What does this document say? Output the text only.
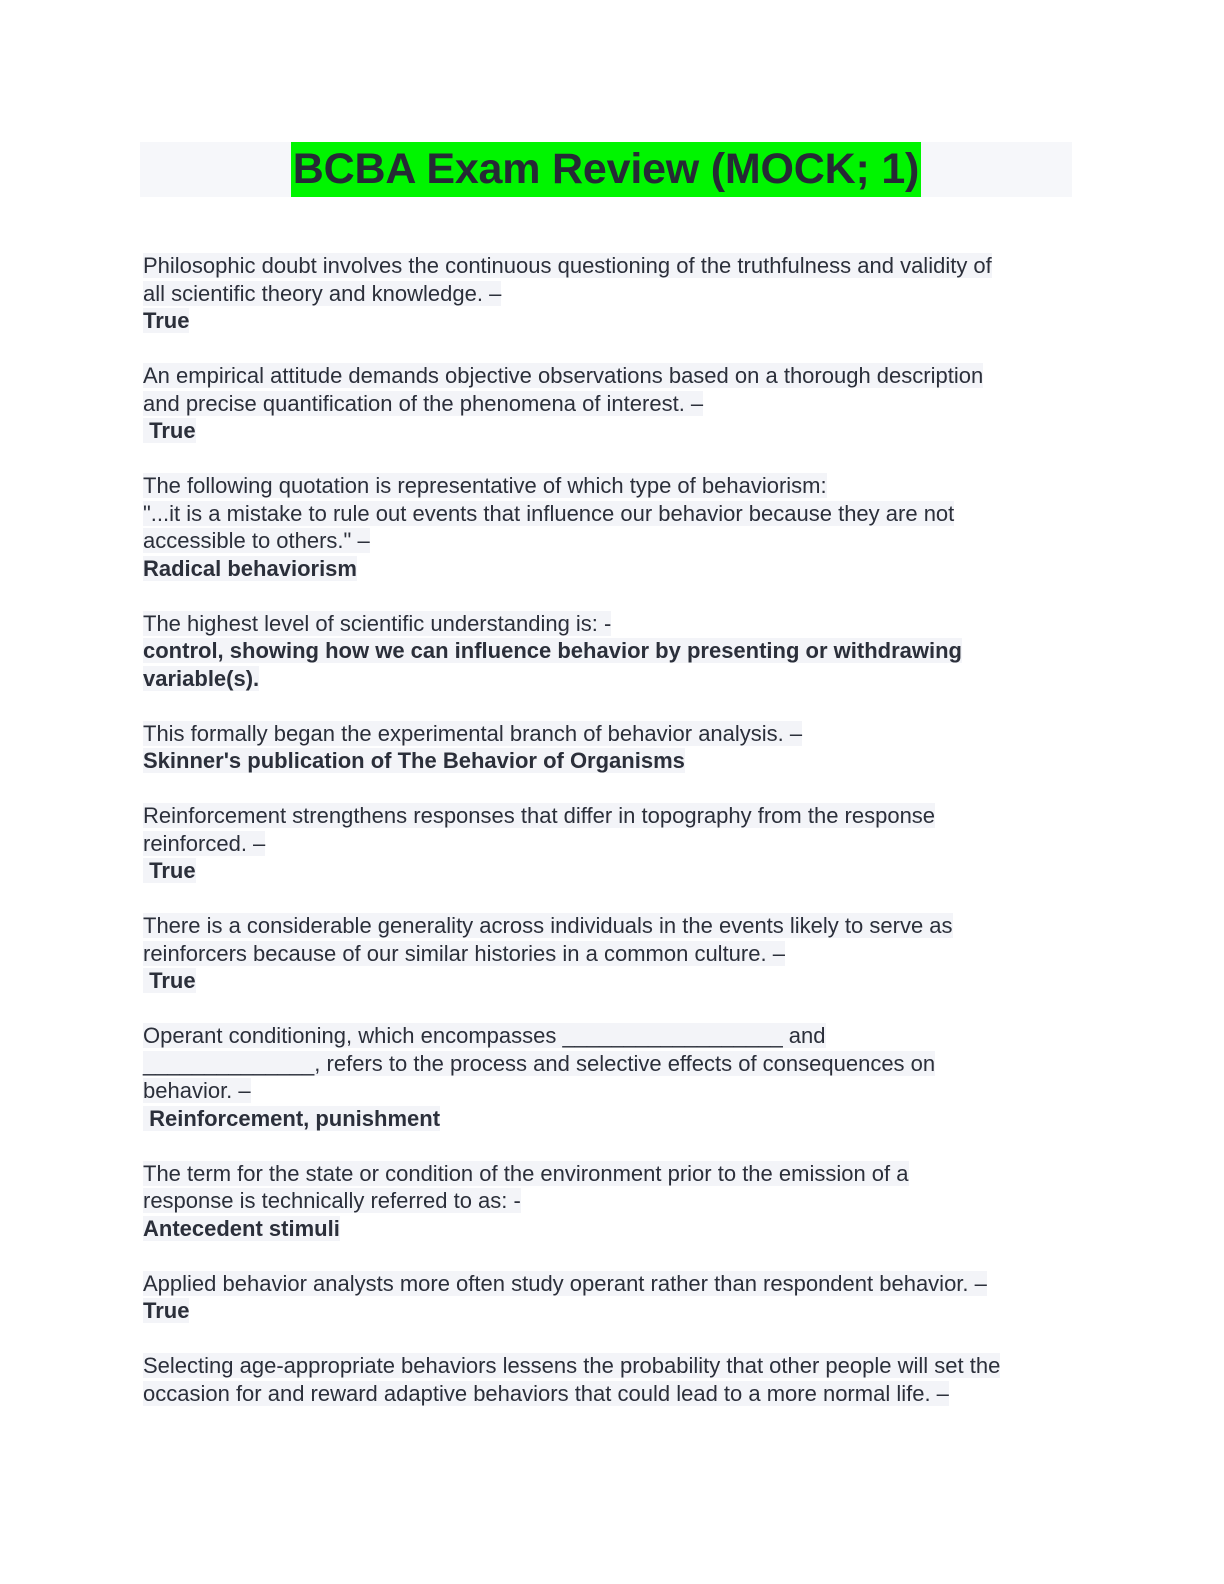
BCBA Exam Review (MOCK; 1)
Philosophic doubt involves the continuous questioning of the truthfulness and validity of
all scientific theory and knowledge. –
True
An empirical attitude demands objective observations based on a thorough description
and precise quantification of the phenomena of interest. –
True
The following quotation is representative of which type of behaviorism:
"...it is a mistake to rule out events that influence our behavior because they are not
accessible to others." –
Radical behaviorism
The highest level of scientific understanding is: -
control, showing how we can influence behavior by presenting or withdrawing
variable(s).
This formally began the experimental branch of behavior analysis. –
Skinner's publication of The Behavior of Organisms
Reinforcement strengthens responses that differ in topography from the response
reinforced. –
True
There is a considerable generality across individuals in the events likely to serve as
reinforcers because of our similar histories in a common culture. –
True
Operant conditioning, which encompasses __________________ and
______________, refers to the process and selective effects of consequences on
behavior. –
Reinforcement, punishment
The term for the state or condition of the environment prior to the emission of a
response is technically referred to as: -
Antecedent stimuli
Applied behavior analysts more often study operant rather than respondent behavior. –
True
Selecting age-appropriate behaviors lessens the probability that other people will set the
occasion for and reward adaptive behaviors that could lead to a more normal life. –
